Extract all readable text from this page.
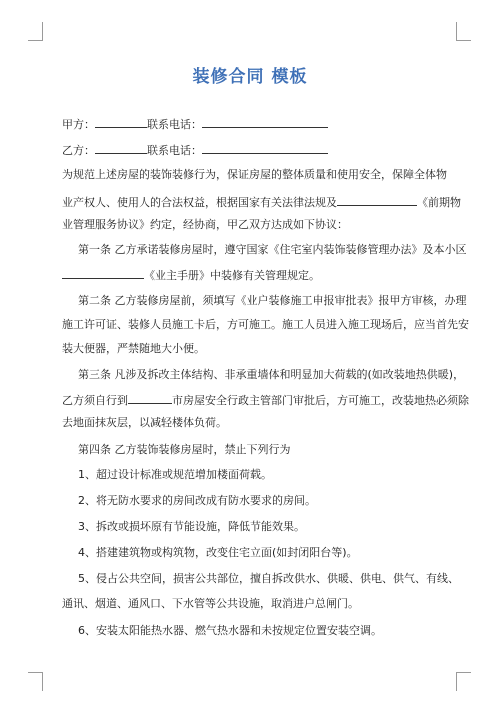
装修合同 模板
甲方：	联系电话：
乙方：	联系电话：
为规范上述房屋的装饰装修行为，保证房屋的整体质量和使用安全，保障全体物
业产权人、使用人的合法权益，根据国家有关法律法规及	《前期物
业管理服务协议》约定，经协商，甲乙双方达成如下协议：
第一条 乙方承诺装修房屋时，遵守国家《住宅室内装饰装修管理办法》及本小区
《业主手册》中装修有关管理规定。
第二条 乙方装修房屋前，须填写《业户装修施工申报审批表》报甲方审核，办理
施工许可证、装修人员施工卡后，方可施工。施工人员进入施工现场后，应当首先安
装大便器，严禁随地大小便。
第三条 凡涉及拆改主体结构、非承重墙体和明显加大荷载的(如改装地热供暖)，
乙方须自行到	市房屋安全行政主管部门审批后，方可施工，改装地热必须除
去地面抹灰层，以减轻楼体负荷。
第四条 乙方装饰装修房屋时，禁止下列行为
1、超过设计标准或规范增加楼面荷载。
2、将无防水要求的房间改成有防水要求的房间。
3、拆改或损坏原有节能设施，降低节能效果。
4、搭建建筑物或构筑物，改变住宅立面(如封闭阳台等)。
5、侵占公共空间，损害公共部位，擅自拆改供水、供暖、供电、供气、有线、
通讯、烟道、通风口、下水管等公共设施，取消进户总闸门。
6、安装太阳能热水器、燃气热水器和未按规定位置安装空调。
